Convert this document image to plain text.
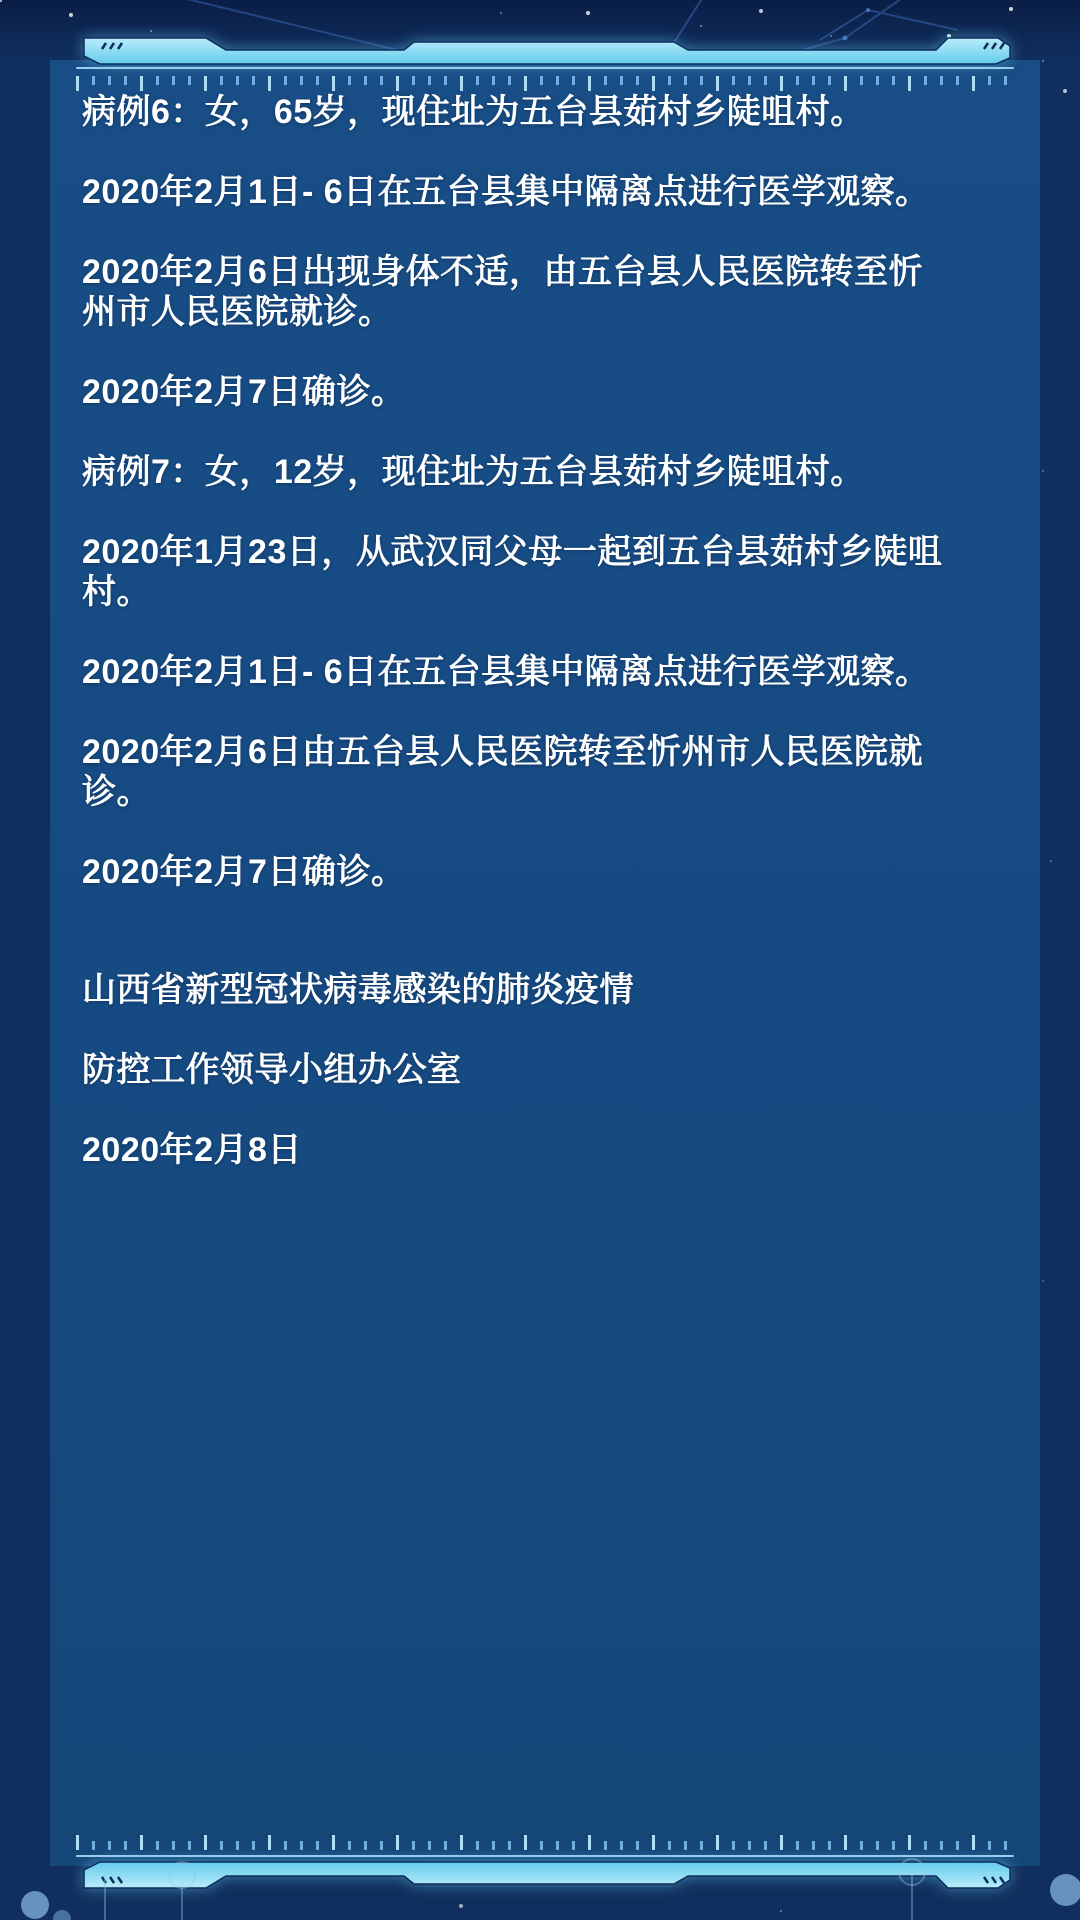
病例6：女，65岁，现住址为五台县茹村乡陡咀村。

2020年2月1日- 6日在五台县集中隔离点进行医学观察。

2020年2月6日出现身体不适，由五台县人民医院转至忻州市人民医院就诊。

2020年2月7日确诊。

病例7：女，12岁，现住址为五台县茹村乡陡咀村。

2020年1月23日，从武汉同父母一起到五台县茹村乡陡咀村。

2020年2月1日- 6日在五台县集中隔离点进行医学观察。

2020年2月6日由五台县人民医院转至忻州市人民医院就诊。

2020年2月7日确诊。

山西省新型冠状病毒感染的肺炎疫情

防控工作领导小组办公室

2020年2月8日
